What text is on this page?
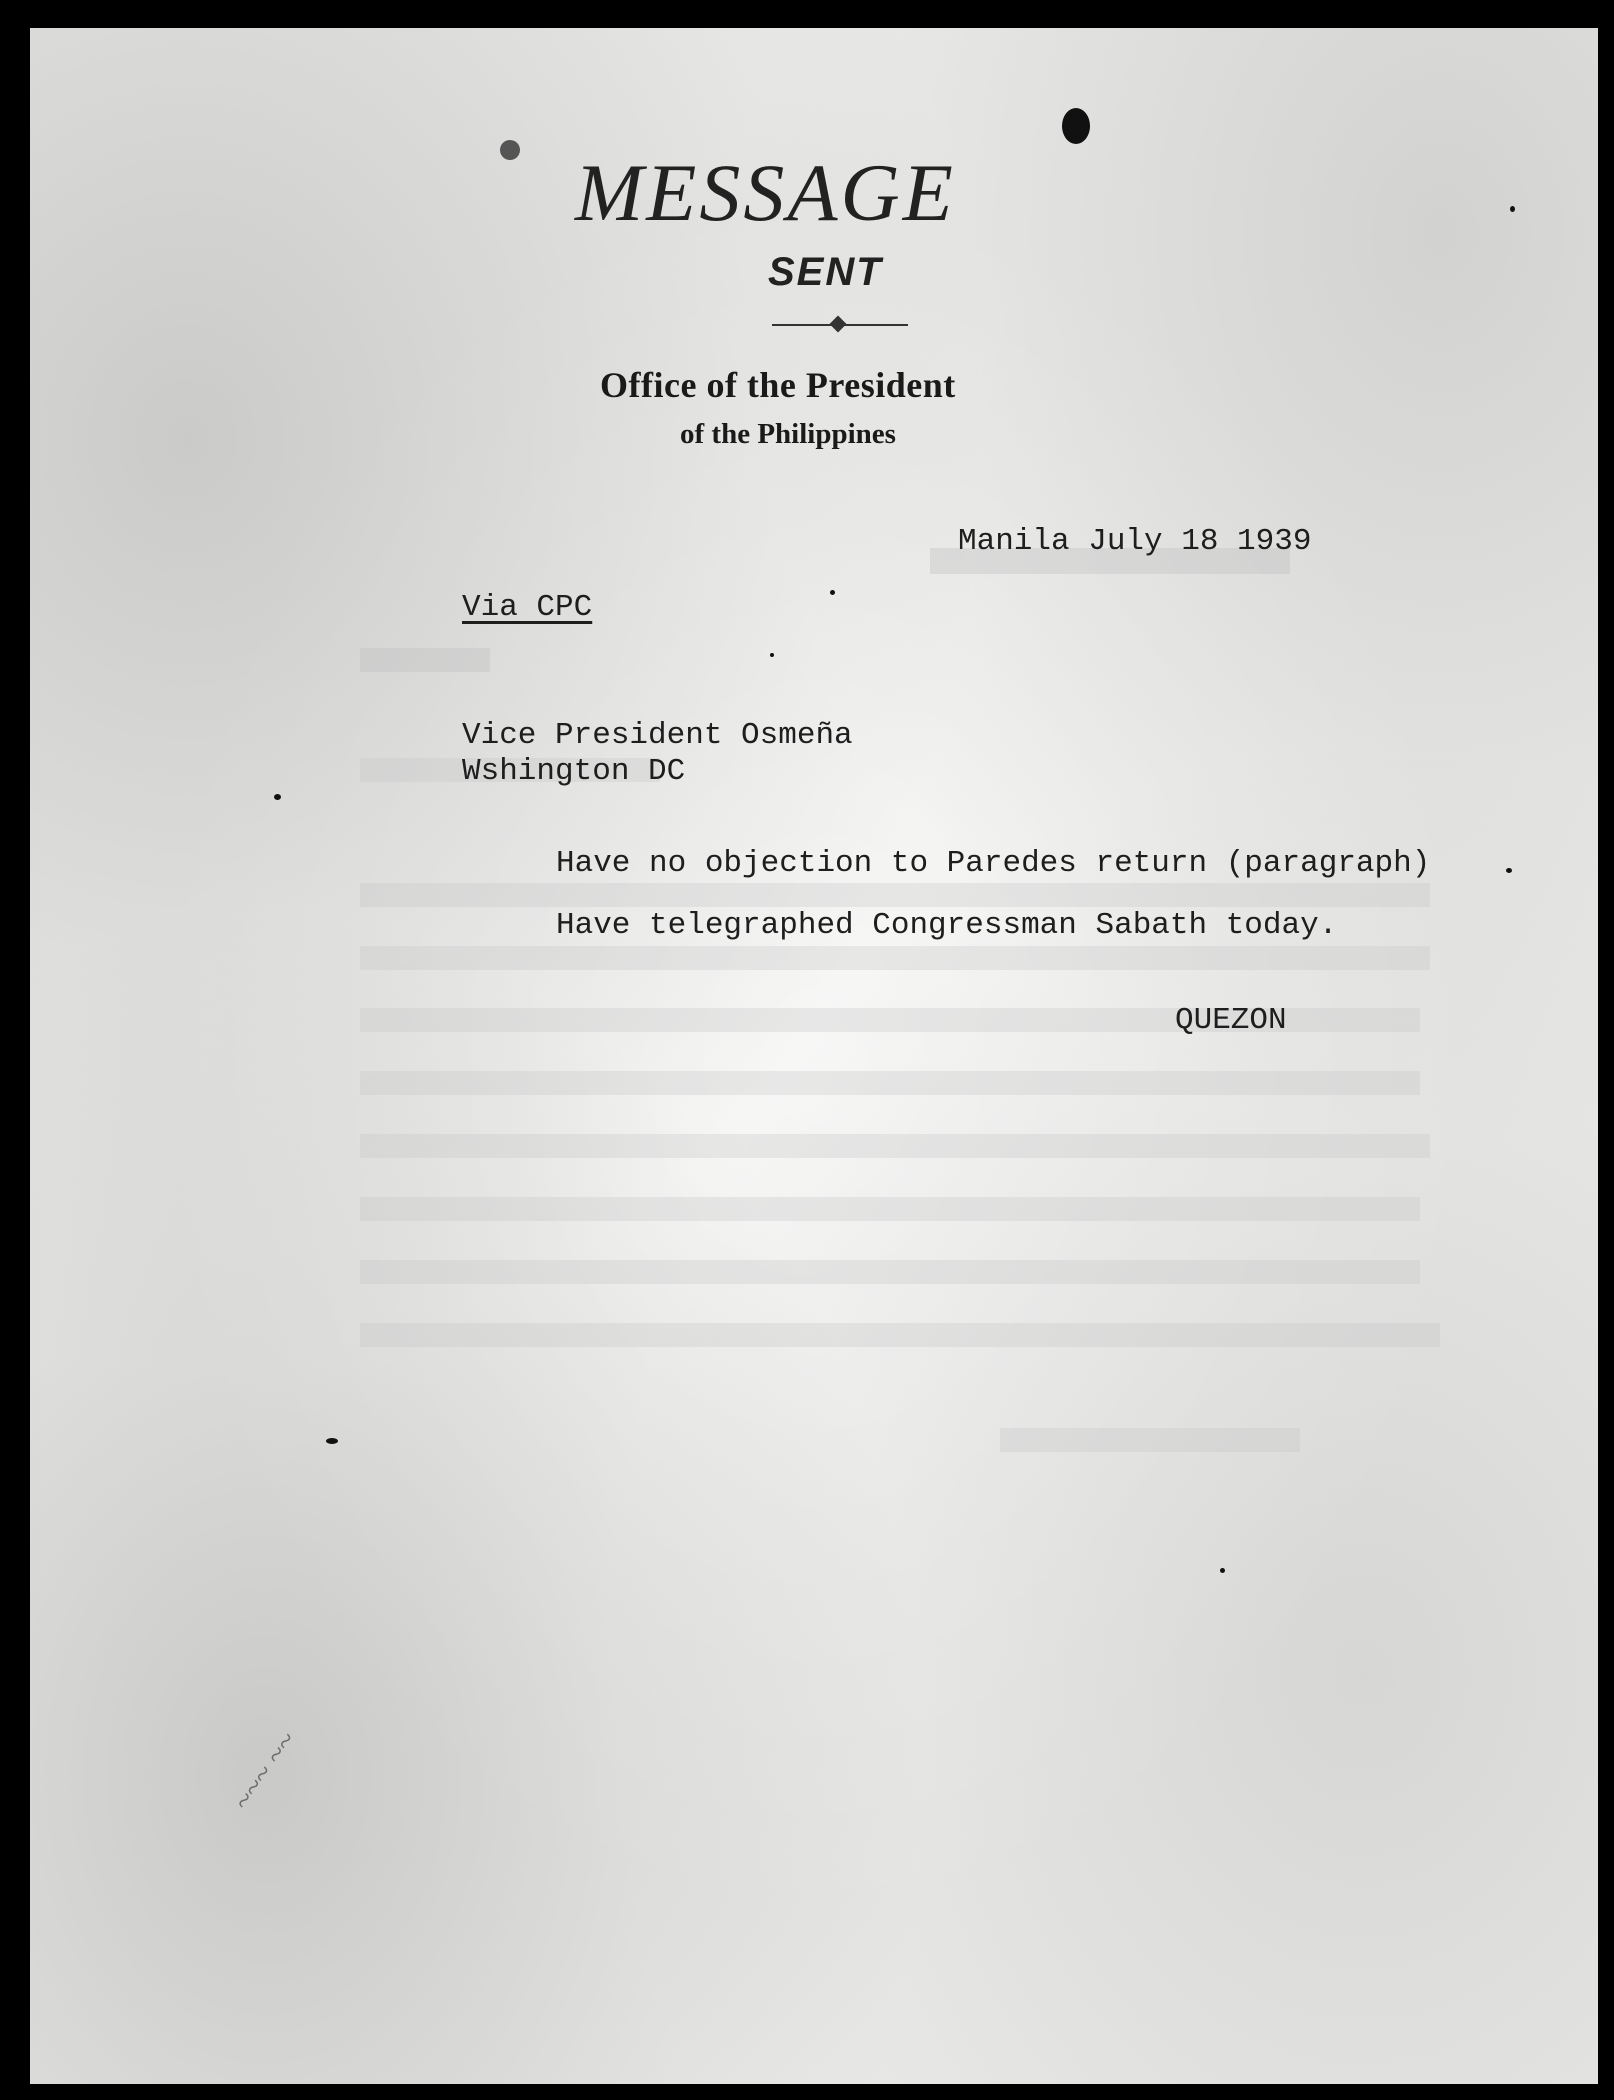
MESSAGE
SENT
Office of the President
of the Philippines
Manila July 18 1939
Via CPC
Vice President Osmeña
Wshington DC
Have no objection to Paredes return (paragraph)
Have telegraphed Congressman Sabath today.
QUEZON
~~~ ~~
